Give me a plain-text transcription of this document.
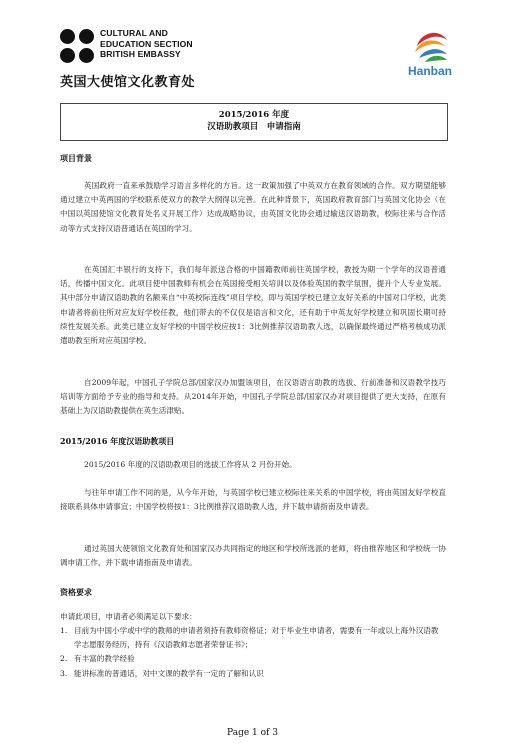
CULTURAL AND
EDUCATION SECTION
BRITISH EMBASSY
英国大使馆文化教育处
Hanban
2015/2016 年度
汉语助教项目　申请指南
项目背景
英国政府一直来承鼓励学习语言多样化的方旨。这一政策加强了中英双方在教育领域的合作。双方期望能够通过建立中英两国的学校联系使双方的教学大纲得以完善。在此种背景下，英国政府教育部门与英国文化协会（在中国以英国使馆文化教育处名义开展工作）达成战略协议，由英国文化协会通过输送汉语助教，校际往来与合作活动等方式支持汉语普通话在英国的学习。
在英国汇丰银行的支持下，我们每年派送合格的中国籍教师前往英国学校，教授为期一个学年的汉语普通话，传播中国文化。此项目使中国教师有机会在英国接受相关培训以及体验英国的教学氛围，提升个人专业发展。其中部分申请汉语助教的名额来自“中英校际连线”项目学校，即与英国学校已建立友好关系的中国对口学校，此类申请者将前往所对应友好学校任教，他们带去的不仅仅是语言和文化，还有助于中英友好学校建立和巩固长期可持续性发展关系。此类已建立友好学校的中国学校应按1：3比例推荐汉语助教人选，以确保最终通过严格考核成功派遣助教至所对应英国学校。
自2009年起，中国孔子学院总部/国家汉办加盟该项目，在汉语语言助教的选拔、行前准备和汉语教学技巧培训等方面给予专业的指导和支持。从2014年开始，中国孔子学院总部/国家汉办对项目提供了更大支持，在原有基础上为汉语助教提供在英生活津贴。
2015/2016 年度汉语助教项目
2015/2016 年度的汉语助教项目的选拔工作将从 2 月份开始。
与往年申请工作不同的是，从今年开始，与英国学校已建立校际往来关系的中国学校，将由英国友好学校直接联系具体申请事宜；中国学校将按1：3比例推荐汉语助教人选，并下载申请指南及申请表。
通过英国大使领馆文化教育处和国家汉办共同指定的地区和学校所选派的老师，将由推荐地区和学校统一协调申请工作，并下载申请指南及申请表。
资格要求
申请此项目，申请者必须满足以下要求：
1. 目前为中国小学或中学的教师的申请者须持有教师资格证；对于毕业生申请者，需要有一年或以上海外汉语教学志愿服务经历，持有《汉语教师志愿者荣誉证书》；
2. 有丰富的教学经验
3. 能讲标准的普通话，对中文课的教学有一定的了解和认识
Page 1 of 3
